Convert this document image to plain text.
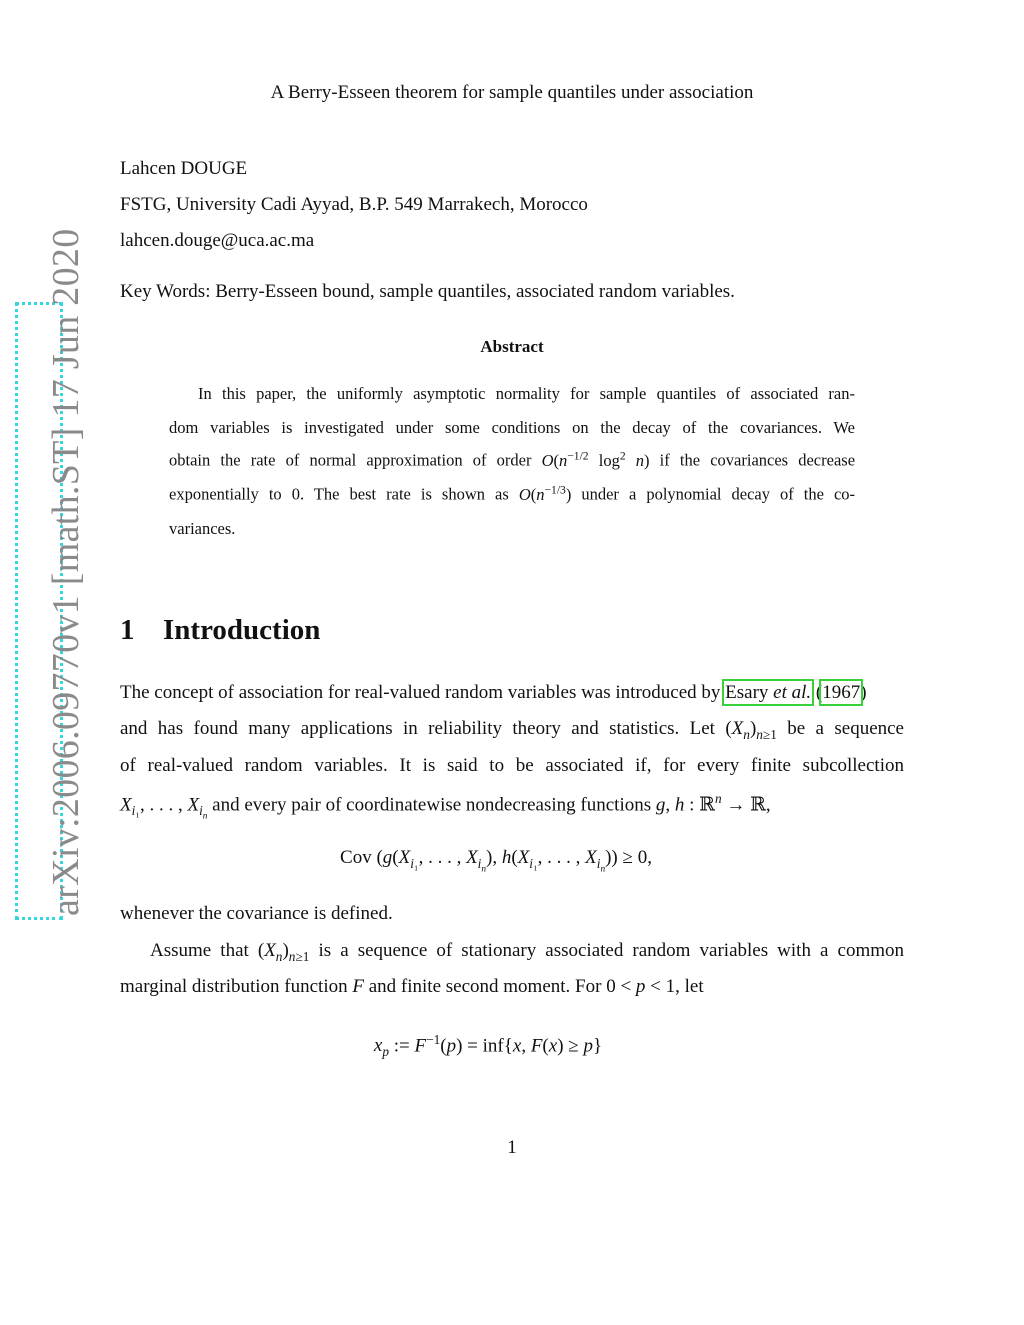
arXiv:2006.09770v1 [math.ST] 17 Jun 2020
A Berry-Esseen theorem for sample quantiles under association
Lahcen DOUGE
FSTG, University Cadi Ayyad, B.P. 549 Marrakech, Morocco
lahcen.douge@uca.ac.ma
Key Words: Berry-Esseen bound, sample quantiles, associated random variables.
Abstract
In this paper, the uniformly asymptotic normality for sample quantiles of associated ran-
dom variables is investigated under some conditions on the decay of the covariances. We
obtain the rate of normal approximation of order $O(n^{-1/2}$ $\log^2 n$) if the covariances decrease
exponentially to 0. The best rate is shown as $O(n^{-1/3})$ under a polynomial decay of the co-
variances.
1 Introduction
The concept of association for real-valued random variables was introduced by Esary et al. (1967)
and has found many applications in reliability theory and statistics. Let $(X_n)_{n\ge 1}$ be a sequence
of real-valued random variables. It is said to be associated if, for every finite subcollection
$X_{i_1}$, . . . , $X_{i_n}$ and every pair of coordinatewise nondecreasing functions g, h : ℝ$^n$ → ℝ,
Cov ($g(X_{i_1}$, . . . , $X_{i_n}$), $h(X_{i_1}$, . . . , $X_{i_n})) \ge 0$,
whenever the covariance is defined.
Assume that $(X_n)_{n\ge 1}$ is a sequence of stationary associated random variables with a common
marginal distribution function F and finite second moment. For 0 < p < 1, let
$x_p$ := $F^{-1}(p) = inf\{x$, F(x) ≥ p}
1
